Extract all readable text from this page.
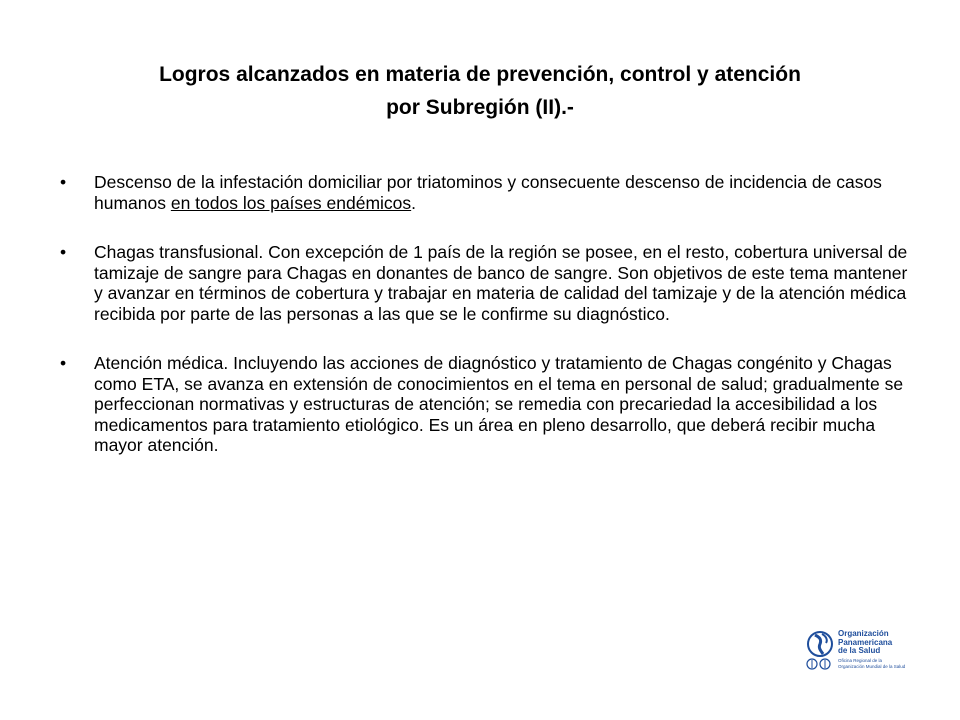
Logros alcanzados en materia de prevención, control y atención
por Subregión (II).-
• Descenso de la infestación domiciliar por triatominos y consecuente descenso de incidencia de casos humanos en todos los países endémicos.
• Chagas transfusional. Con excepción de 1 país de la región se posee, en el resto, cobertura universal de tamizaje de sangre para Chagas en donantes de banco de sangre. Son objetivos de este tema mantener y avanzar en términos de cobertura y trabajar en materia de calidad del tamizaje y de la atención médica recibida por parte de las personas a las que se le confirme su diagnóstico.
• Atención médica. Incluyendo las acciones de diagnóstico y tratamiento de Chagas congénito y Chagas como ETA, se avanza en extensión de conocimientos en el tema en personal de salud; gradualmente se perfeccionan normativas y estructuras de atención; se remedia con precariedad la accesibilidad a los medicamentos para tratamiento etiológico. Es un área en pleno desarrollo, que deberá recibir mucha mayor atención.
Organización
Panamericana
de la Salud
Oficina Regional de la
Organización Mundial de la Salud
